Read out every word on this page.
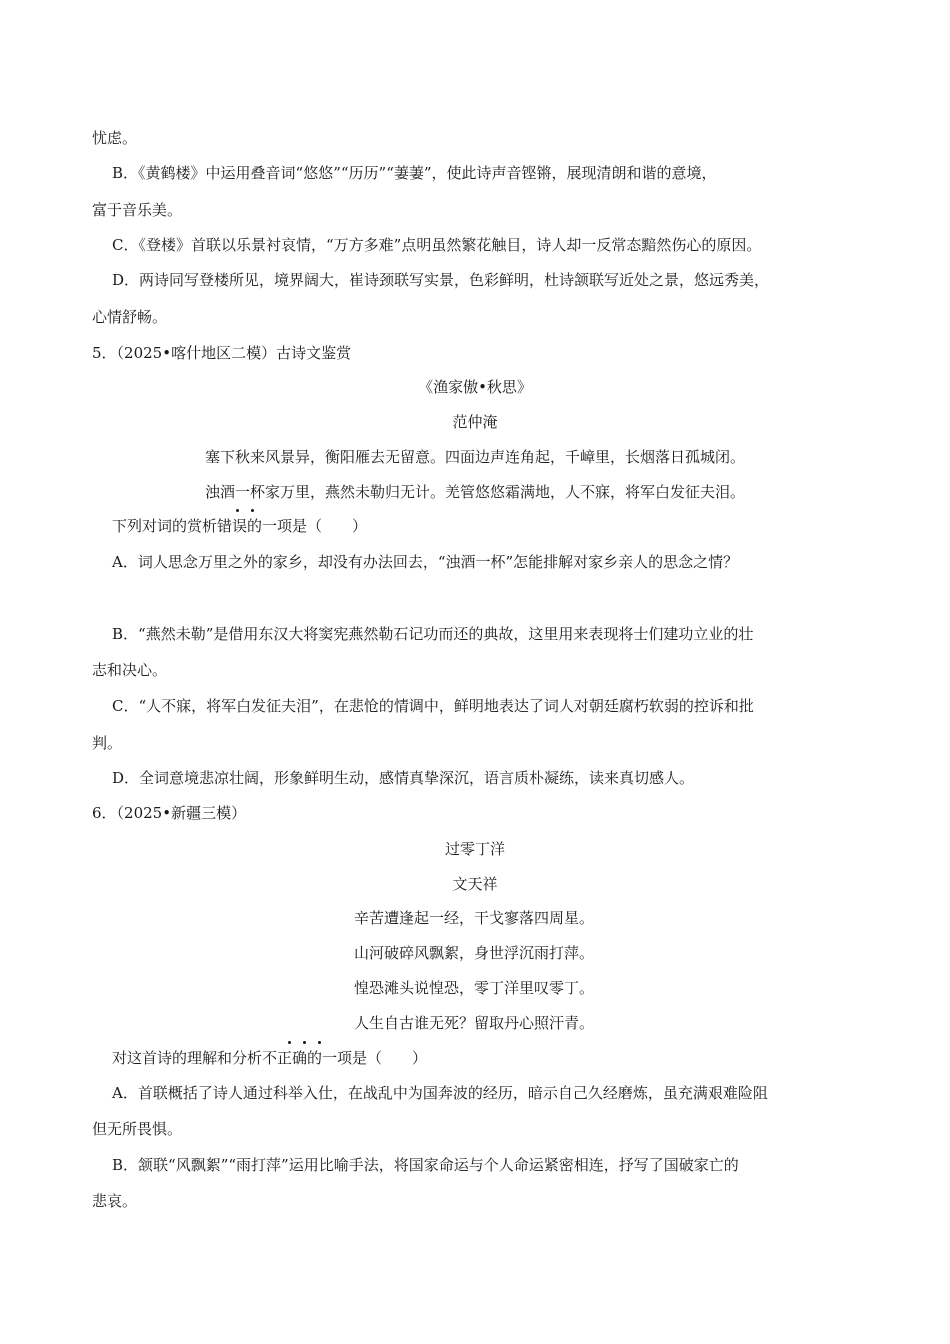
忧虑。
B．《黄鹤楼》中运用叠音词“悠悠”“历历”“萋萋”，使此诗声音铿锵，展现清朗和谐的意境，
富于音乐美。
C．《登楼》首联以乐景衬哀情，“万方多难”点明虽然繁花触目，诗人却一反常态黯然伤心的原因。
D．两诗同写登楼所见，境界阔大，崔诗颈联写实景，色彩鲜明，杜诗颔联写近处之景，悠远秀美，
心情舒畅。
5．（2025•喀什地区二模）古诗文鉴赏
《渔家傲•秋思》
范仲淹
塞下秋来风景异，衡阳雁去无留意。四面边声连角起，千嶂里，长烟落日孤城闭。
浊酒一杯家万里，燕然未勒归无计。羌管悠悠霜满地，人不寐，将军白发征夫泪。
下列对词的赏析错误的一项是（　　）
A．词人思念万里之外的家乡，却没有办法回去，“浊酒一杯”怎能排解对家乡亲人的思念之情？
B．“燕然未勒”是借用东汉大将窦宪燕然勒石记功而还的典故，这里用来表现将士们建功立业的壮
志和决心。
C．“人不寐，将军白发征夫泪”，在悲怆的情调中，鲜明地表达了词人对朝廷腐朽软弱的控诉和批
判。
D．全词意境悲凉壮阔，形象鲜明生动，感情真挚深沉，语言质朴凝练，读来真切感人。
6．（2025•新疆三模）
过零丁洋
文天祥
辛苦遭逢起一经，干戈寥落四周星。
山河破碎风飘絮，身世浮沉雨打萍。
惶恐滩头说惶恐，零丁洋里叹零丁。
人生自古谁无死？留取丹心照汗青。
对这首诗的理解和分析不正确的一项是（　　）
A．首联概括了诗人通过科举入仕，在战乱中为国奔波的经历，暗示自己久经磨炼，虽充满艰难险阻
但无所畏惧。
B．颔联“风飘絮”“雨打萍”运用比喻手法，将国家命运与个人命运紧密相连，抒写了国破家亡的
悲哀。
